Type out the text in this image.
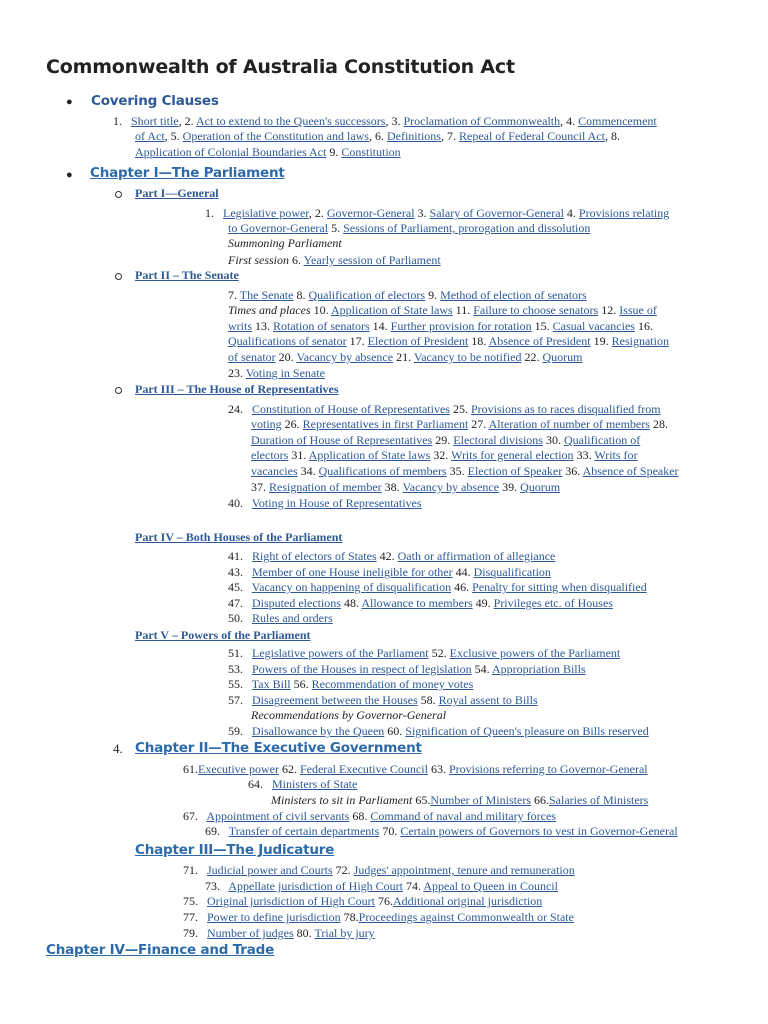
Commonwealth of Australia Constitution Act
● Covering Clauses
1. Short title, 2. Act to extend to the Queen's successors, 3. Proclamation of Commonwealth, 4. Commencement
of Act, 5. Operation of the Constitution and laws, 6. Definitions, 7. Repeal of Federal Council Act, 8.
Application of Colonial Boundaries Act 9. Constitution
● Chapter I—The Parliament
Part I—General
1. Legislative power, 2. Governor-General 3. Salary of Governor-General 4. Provisions relating
to Governor-General 5. Sessions of Parliament, prorogation and dissolution
Summoning Parliament
First session 6. Yearly session of Parliament
Part II – The Senate
7. The Senate 8. Qualification of electors 9. Method of election of senators
Times and places 10. Application of State laws 11. Failure to choose senators 12. Issue of
writs 13. Rotation of senators 14. Further provision for rotation 15. Casual vacancies 16.
Qualifications of senator 17. Election of President 18. Absence of President 19. Resignation
of senator 20. Vacancy by absence 21. Vacancy to be notified 22. Quorum
23. Voting in Senate
Part III – The House of Representatives
24. Constitution of House of Representatives 25. Provisions as to races disqualified from
voting 26. Representatives in first Parliament 27. Alteration of number of members 28.
Duration of House of Representatives 29. Electoral divisions 30. Qualification of
electors 31. Application of State laws 32. Writs for general election 33. Writs for
vacancies 34. Qualifications of members 35. Election of Speaker 36. Absence of Speaker
37. Resignation of member 38. Vacancy by absence 39. Quorum
40. Voting in House of Representatives
Part IV – Both Houses of the Parliament
41. Right of electors of States 42. Oath or affirmation of allegiance
43. Member of one House ineligible for other 44. Disqualification
45. Vacancy on happening of disqualification 46. Penalty for sitting when disqualified
47. Disputed elections 48. Allowance to members 49. Privileges etc. of Houses
50. Rules and orders
Part V – Powers of the Parliament
51. Legislative powers of the Parliament 52. Exclusive powers of the Parliament
53. Powers of the Houses in respect of legislation 54. Appropriation Bills
55. Tax Bill 56. Recommendation of money votes
57. Disagreement between the Houses 58. Royal assent to Bills
Recommendations by Governor-General
59. Disallowance by the Queen 60. Signification of Queen's pleasure on Bills reserved
4. Chapter II—The Executive Government
61.Executive power 62. Federal Executive Council 63. Provisions referring to Governor-General
64. Ministers of State
Ministers to sit in Parliament 65.Number of Ministers 66.Salaries of Ministers
67. Appointment of civil servants 68. Command of naval and military forces
69. Transfer of certain departments 70. Certain powers of Governors to vest in Governor-General
Chapter III—The Judicature
71. Judicial power and Courts 72. Judges' appointment, tenure and remuneration
73. Appellate jurisdiction of High Court 74. Appeal to Queen in Council
75. Original jurisdiction of High Court 76.Additional original jurisdiction
77. Power to define jurisdiction 78.Proceedings against Commonwealth or State
79. Number of judges 80. Trial by jury
Chapter IV—Finance and Trade
